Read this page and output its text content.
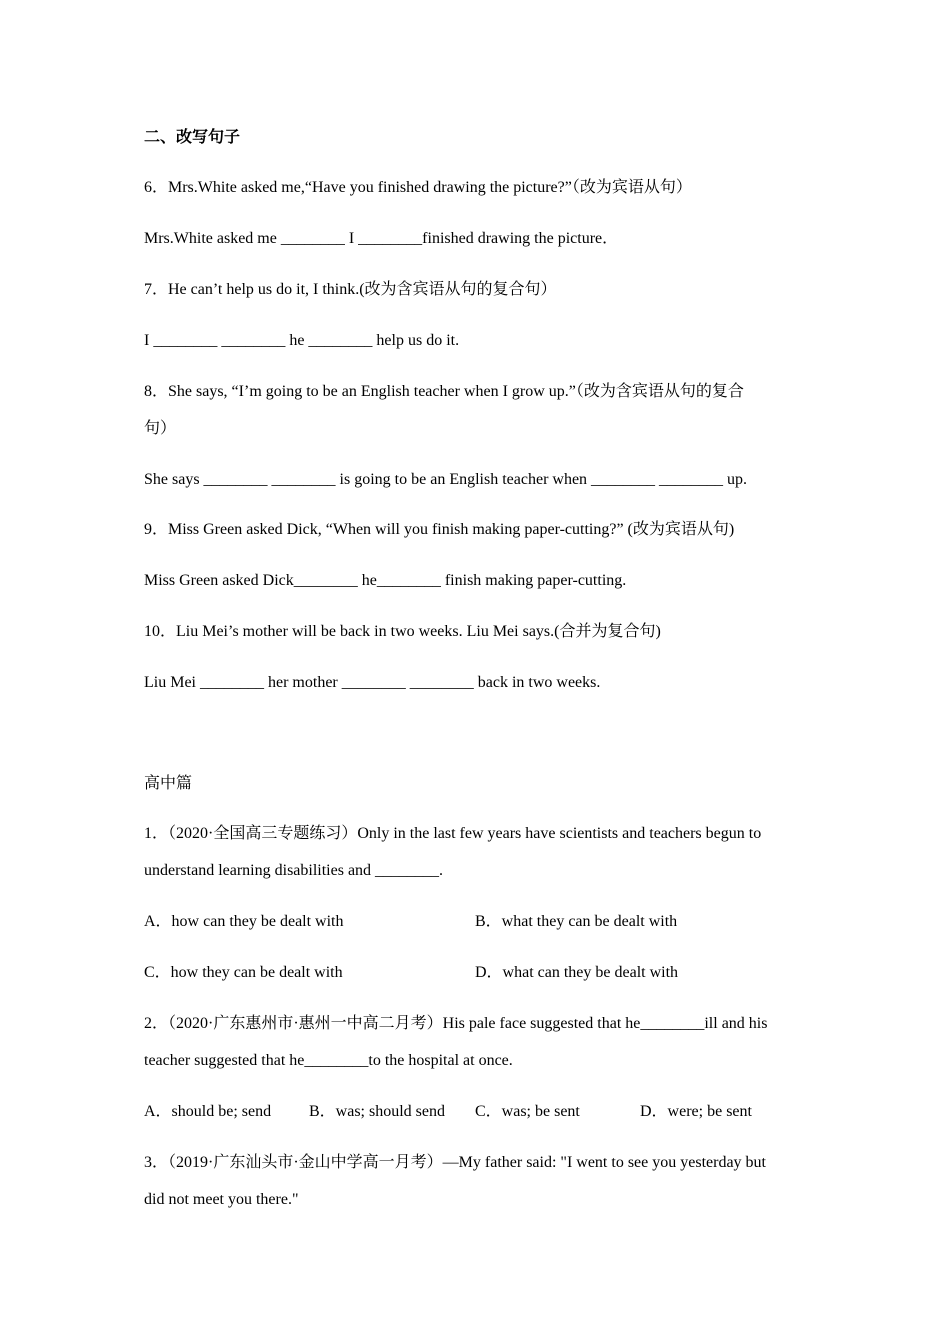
二、改写句子

6．Mrs.White asked me,“Have you finished drawing the picture?”（改为宾语从句）

Mrs.White asked me ________ I ________finished drawing the picture．

7．He can’t help us do it, I think.(改为含宾语从句的复合句）

I ________ ________ he ________ help us do it.

8．She says, “I’m going to be an English teacher when I grow up.”（改为含宾语从句的复合

句）

She says ________ ________ is going to be an English teacher when ________ ________ up.

9．Miss Green asked Dick, “When will you finish making paper-cutting?” (改为宾语从句)

Miss Green asked Dick________ he________ finish making paper-cutting.

10．Liu Mei’s mother will be back in two weeks. Liu Mei says.(合并为复合句)

Liu Mei ________ her mother ________ ________ back in two weeks.

高中篇

1．（2020·全国高三专题练习）Only in the last few years have scientists and teachers begun to

understand learning disabilities and ________.

A．how can they be dealt with	B．what they can be dealt with
C．how they can be dealt with	D．what can they be dealt with

2．（2020·广东惠州市·惠州一中高二月考）His pale face suggested that he________ill and his

teacher suggested that he________to the hospital at once.

A．should be; send B．was; should send C．was; be sent	D．were; be sent

3．（2019·广东汕头市·金山中学高一月考）—My father said: "I went to see you yesterday but

did not meet you there."
